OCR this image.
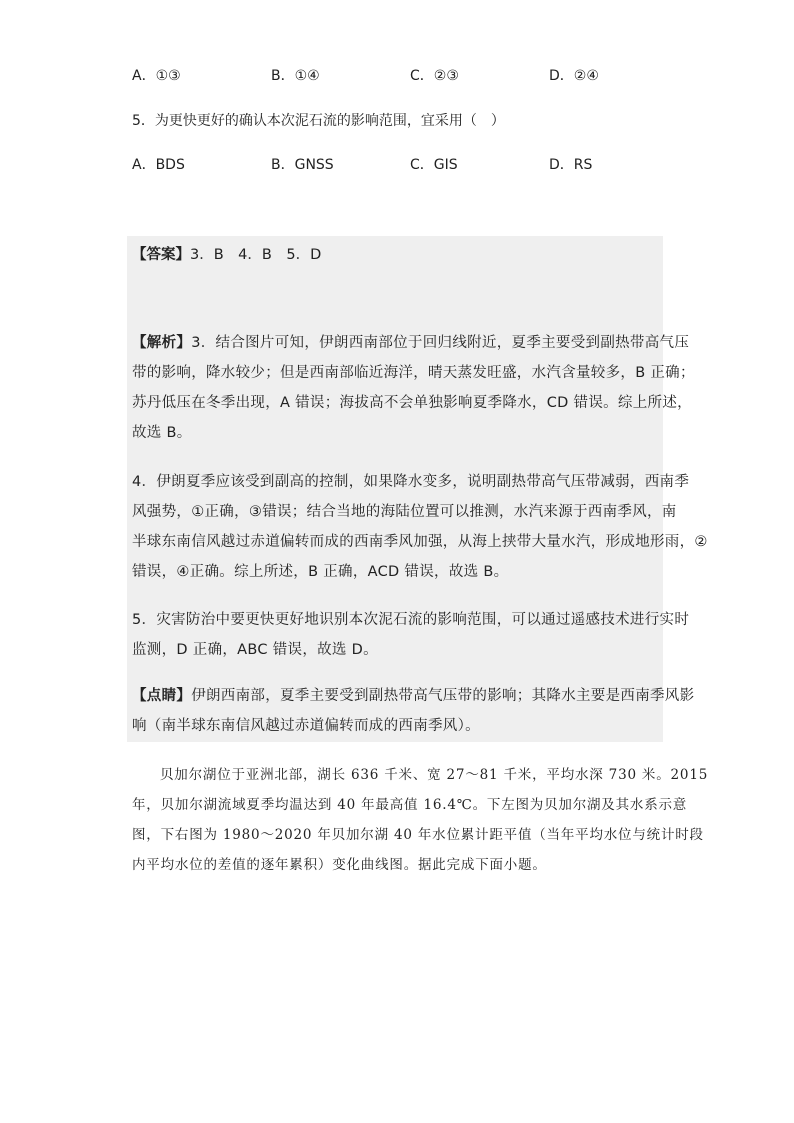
A．①③	B．①④	C．②③	D．②④
5．为更快更好的确认本次泥石流的影响范围，宜采用（　）
A．BDS	B．GNSS	C．GIS	D．RS
【答案】3．B　4．B　5．D
【解析】3．结合图片可知，伊朗西南部位于回归线附近，夏季主要受到副热带高气压
带的影响，降水较少；但是西南部临近海洋，晴天蒸发旺盛，水汽含量较多，B 正确；
苏丹低压在冬季出现，A 错误；海拔高不会单独影响夏季降水，CD 错误。综上所述，
故选 B。
4．伊朗夏季应该受到副高的控制，如果降水变多，说明副热带高气压带减弱，西南季
风强势，①正确，③错误；结合当地的海陆位置可以推测，水汽来源于西南季风，南
半球东南信风越过赤道偏转而成的西南季风加强，从海上挟带大量水汽，形成地形雨，②
错误，④正确。综上所述，B 正确，ACD 错误，故选 B。
5．灾害防治中要更快更好地识别本次泥石流的影响范围，可以通过遥感技术进行实时
监测，D 正确，ABC 错误，故选 D。
【点睛】伊朗西南部，夏季主要受到副热带高气压带的影响；其降水主要是西南季风影
响（南半球东南信风越过赤道偏转而成的西南季风）。
贝加尔湖位于亚洲北部，湖长 636 千米、宽 27～81 千米，平均水深 730 米。2015
年，贝加尔湖流域夏季均温达到 40 年最高值 16.4℃。下左图为贝加尔湖及其水系示意
图，下右图为 1980～2020 年贝加尔湖 40 年水位累计距平值（当年平均水位与统计时段
内平均水位的差值的逐年累积）变化曲线图。据此完成下面小题。
